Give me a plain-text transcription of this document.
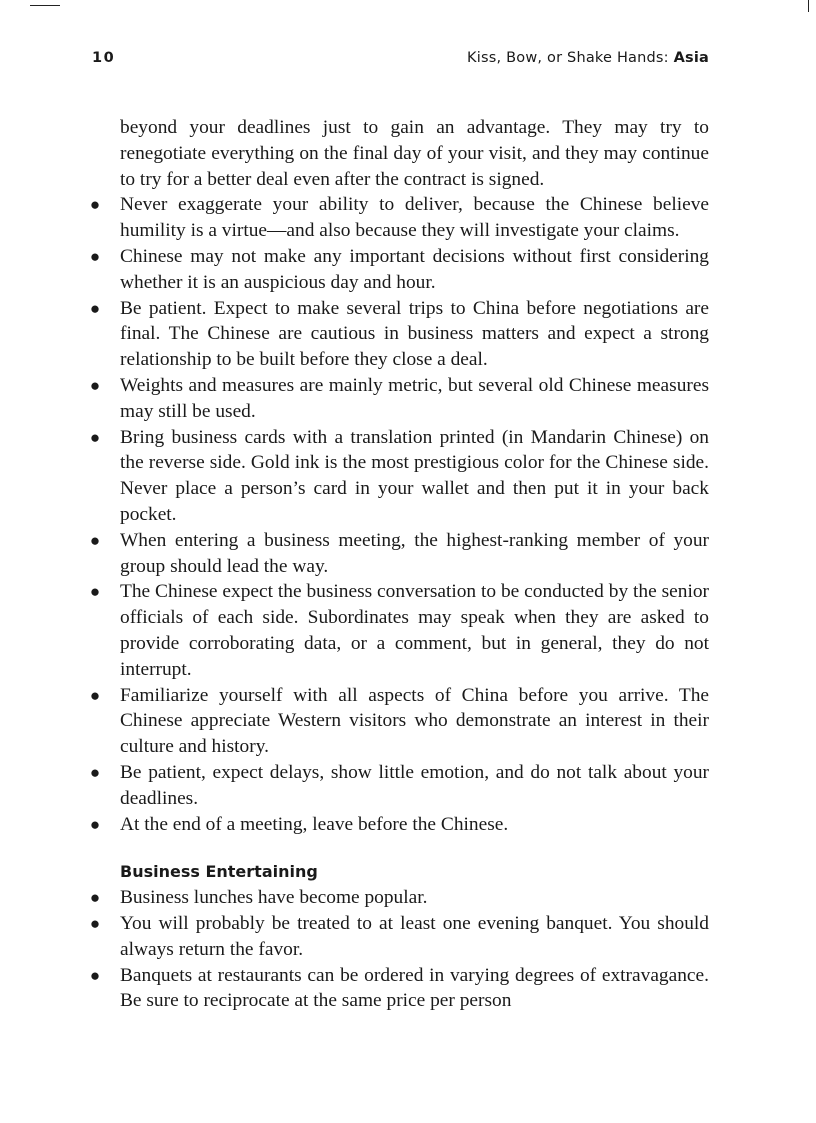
10	Kiss, Bow, or Shake Hands: Asia

beyond your deadlines just to gain an advantage. They may try to renegotiate everything on the final day of your visit, and they may continue to try for a better deal even after the contract is signed.

● Never exaggerate your ability to deliver, because the Chinese believe humility is a virtue—and also because they will investigate your claims.
● Chinese may not make any important decisions without first considering whether it is an auspicious day and hour.
● Be patient. Expect to make several trips to China before negotiations are final. The Chinese are cautious in business matters and expect a strong relationship to be built before they close a deal.
● Weights and measures are mainly metric, but several old Chinese measures may still be used.
● Bring business cards with a translation printed (in Mandarin Chinese) on the reverse side. Gold ink is the most prestigious color for the Chinese side. Never place a person’s card in your wallet and then put it in your back pocket.
● When entering a business meeting, the highest-ranking member of your group should lead the way.
● The Chinese expect the business conversation to be conducted by the senior officials of each side. Subordinates may speak when they are asked to provide corroborating data, or a comment, but in general, they do not interrupt.
● Familiarize yourself with all aspects of China before you arrive. The Chinese appreciate Western visitors who demonstrate an interest in their culture and history.
● Be patient, expect delays, show little emotion, and do not talk about your deadlines.
● At the end of a meeting, leave before the Chinese.
Business Entertaining
● Business lunches have become popular.
● You will probably be treated to at least one evening banquet. You should always return the favor.
● Banquets at restaurants can be ordered in varying degrees of extravagance. Be sure to reciprocate at the same price per person
